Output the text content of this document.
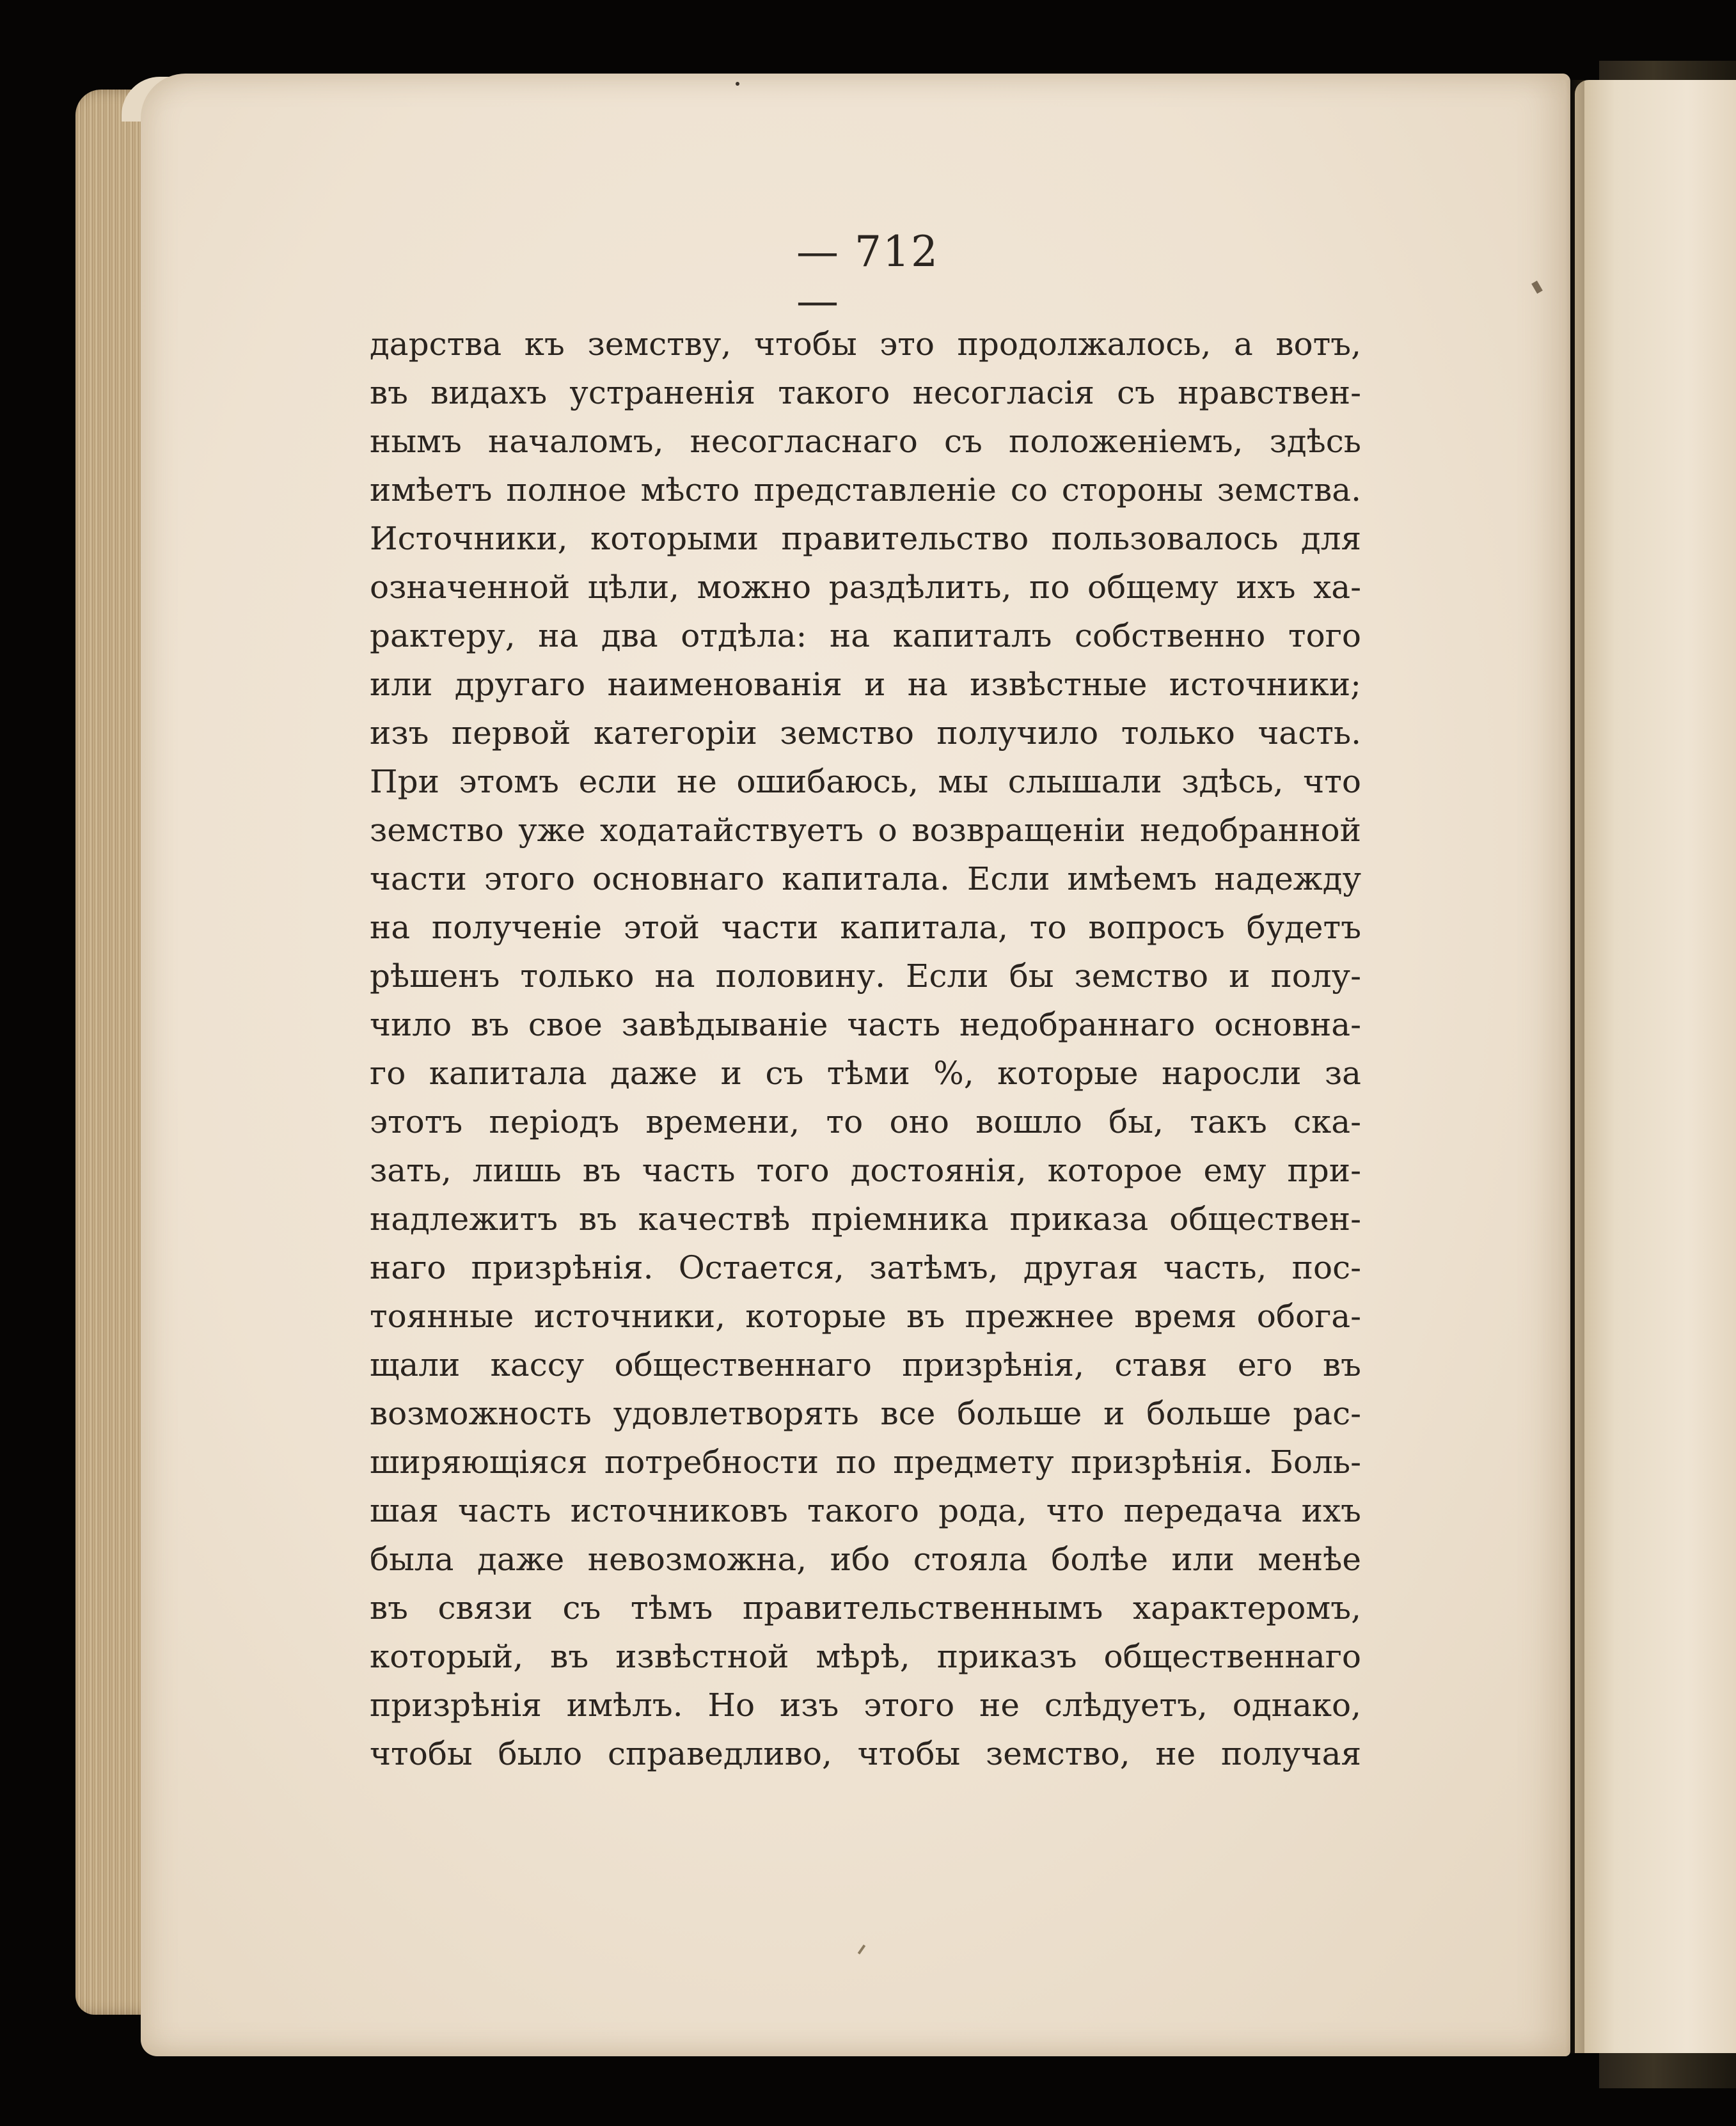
— 712 —
дарства къ земству, чтобы это продолжалось, а вотъ,
въ видахъ устраненія такого несогласія съ нравствен-
нымъ началомъ, несогласнаго съ положеніемъ, здѣсь
имѣетъ полное мѣсто представленіе со стороны земства.
Источники, которыми правительство пользовалось для
означенной цѣли, можно раздѣлить, по общему ихъ ха-
рактеру, на два отдѣла: на капиталъ собственно того
или другаго наименованія и на извѣстные источники;
изъ первой категоріи земство получило только часть.
При этомъ если не ошибаюсь, мы слышали здѣсь, что
земство уже ходатайствуетъ о возвращеніи недобранной
части этого основнаго капитала. Если имѣемъ надежду
на полученіе этой части капитала, то вопросъ будетъ
рѣшенъ только на половину. Если бы земство и полу-
чило въ свое завѣдываніе часть недобраннаго основна-
го капитала даже и съ тѣми %, которые наросли за
этотъ періодъ времени, то оно вошло бы, такъ ска-
зать, лишь въ часть того достоянія, которое ему при-
надлежитъ въ качествѣ пріемника приказа обществен-
наго призрѣнія. Остается, затѣмъ, другая часть, пос-
тоянные источники, которые въ прежнее время обога-
щали кассу общественнаго призрѣнія, ставя его въ
возможность удовлетворять все больше и больше рас-
ширяющіяся потребности по предмету призрѣнія. Боль-
шая часть источниковъ такого рода, что передача ихъ
была даже невозможна, ибо стояла болѣе или менѣе
въ связи съ тѣмъ правительственнымъ характеромъ,
который, въ извѣстной мѣрѣ, приказъ общественнаго
призрѣнія имѣлъ. Но изъ этого не слѣдуетъ, однако,
чтобы было справедливо, чтобы земство, не получая
